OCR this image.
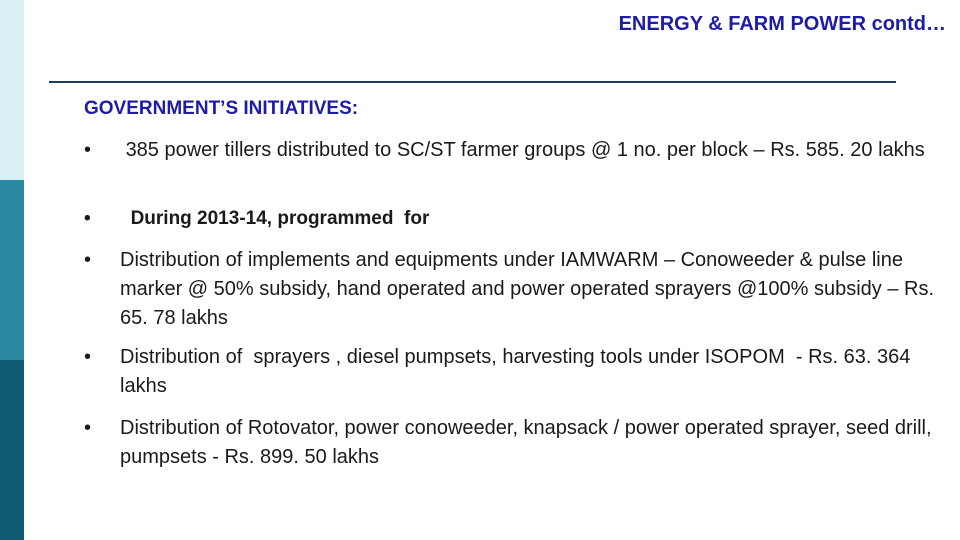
ENERGY & FARM POWER contd…
GOVERNMENT’S INITIATIVES:
•	385 power tillers distributed to SC/ST farmer groups @ 1 no. per block – Rs. 585. 20 lakhs
•	During 2013-14, programmed  for
•	Distribution of implements and equipments under IAMWARM – Conoweeder & pulse line marker @ 50% subsidy, hand operated and power operated sprayers @100% subsidy – Rs. 65. 78 lakhs
•	Distribution of  sprayers , diesel pumpsets, harvesting tools under ISOPOM  - Rs. 63. 364 lakhs
•	Distribution of Rotovator, power conoweeder, knapsack / power operated sprayer, seed drill, pumpsets - Rs. 899. 50 lakhs
